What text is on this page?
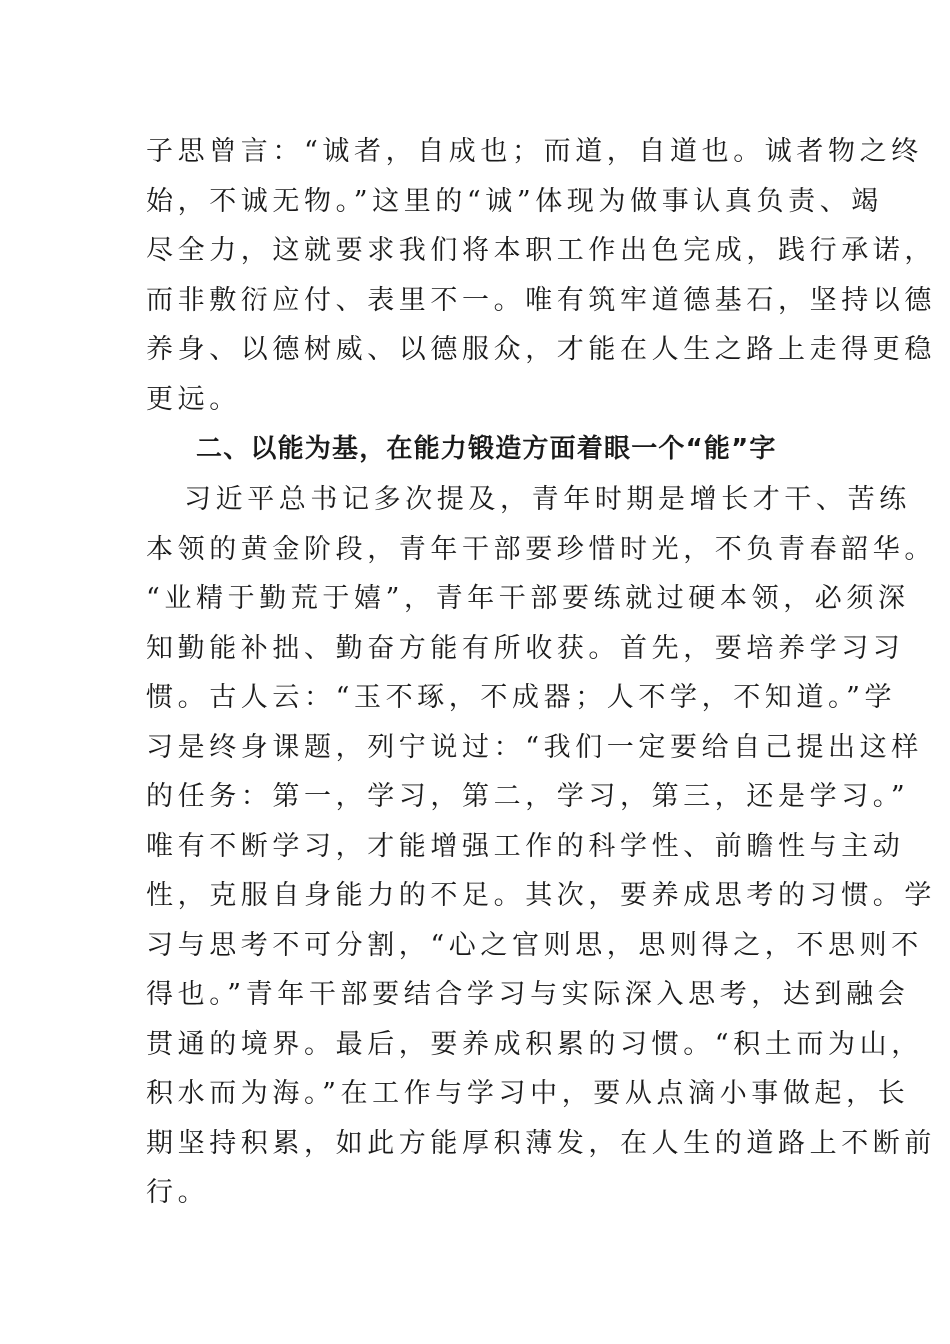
子思曾言：“诚者，自成也；而道，自道也。诚者物之终
始，不诚无物。”这里的“诚”体现为做事认真负责、竭
尽全力，这就要求我们将本职工作出色完成，践行承诺，
而非敷衍应付、表里不一。唯有筑牢道德基石，坚持以德
养身、以德树威、以德服众，才能在人生之路上走得更稳
更远。
二、以能为基，在能力锻造方面着眼一个“能”字
习近平总书记多次提及，青年时期是增长才干、苦练
本领的黄金阶段，青年干部要珍惜时光，不负青春韶华。
“业精于勤荒于嬉”，青年干部要练就过硬本领，必须深
知勤能补拙、勤奋方能有所收获。首先，要培养学习习
惯。古人云：“玉不琢，不成器；人不学，不知道。”学
习是终身课题，列宁说过：“我们一定要给自己提出这样
的任务：第一，学习，第二，学习，第三，还是学习。”
唯有不断学习，才能增强工作的科学性、前瞻性与主动
性，克服自身能力的不足。其次，要养成思考的习惯。学
习与思考不可分割，“心之官则思，思则得之，不思则不
得也。”青年干部要结合学习与实际深入思考，达到融会
贯通的境界。最后，要养成积累的习惯。“积土而为山，
积水而为海。”在工作与学习中，要从点滴小事做起，长
期坚持积累，如此方能厚积薄发，在人生的道路上不断前
行。
